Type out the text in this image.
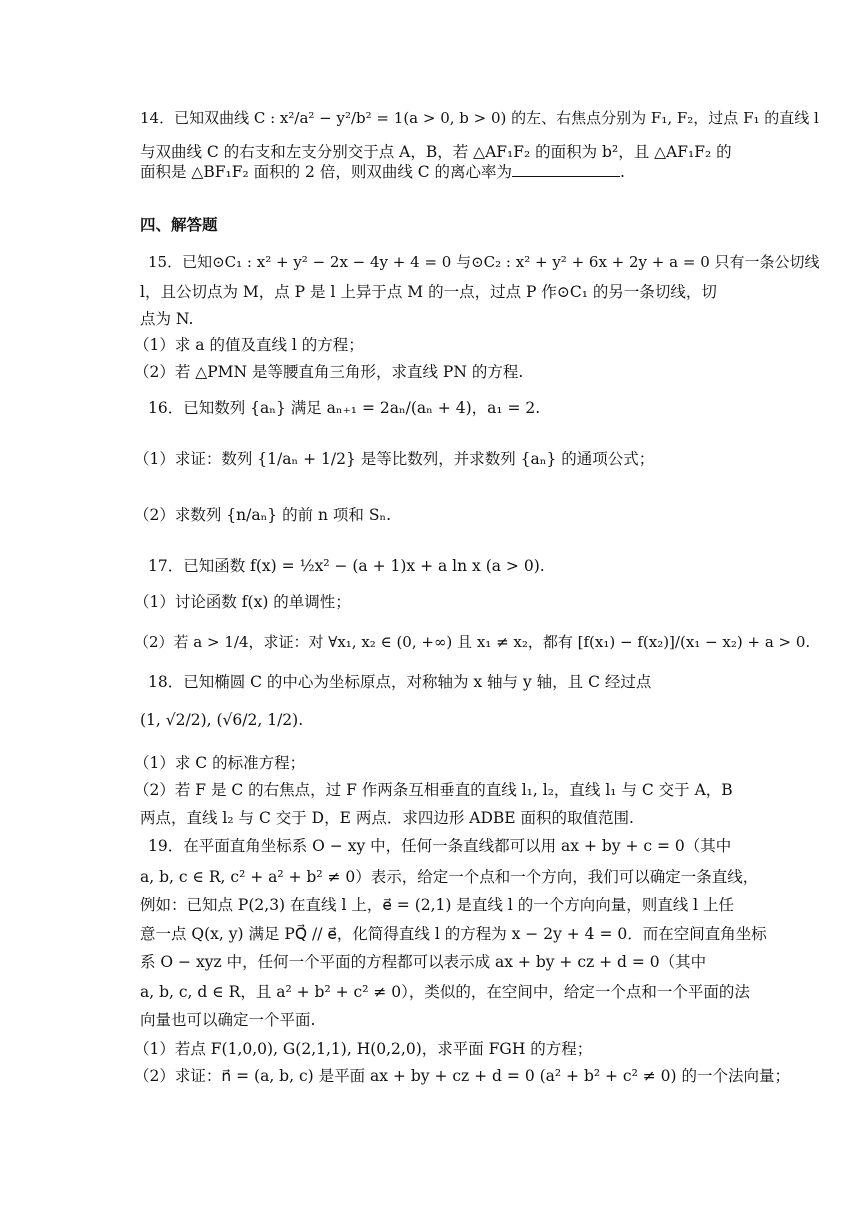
14．已知双曲线 C : x²/a² − y²/b² = 1(a > 0, b > 0) 的左、右焦点分别为 F₁, F₂，过点 F₁ 的直线 l
与双曲线 C 的右支和左支分别交于点 A，B，若 △AF₁F₂ 的面积为 b²，且 △AF₁F₂ 的
面积是 △BF₁F₂ 面积的 2 倍，则双曲线 C 的离心率为	.
四、解答题
15．已知⊙C₁ : x² + y² − 2x − 4y + 4 = 0 与⊙C₂ : x² + y² + 6x + 2y + a = 0 只有一条公切线
l，且公切点为 M，点 P 是 l 上异于点 M 的一点，过点 P 作⊙C₁ 的另一条切线，切
点为 N.
（1）求 a 的值及直线 l 的方程；
（2）若 △PMN 是等腰直角三角形，求直线 PN 的方程.
16．已知数列 {aₙ} 满足 aₙ₊₁ = 2aₙ/(aₙ + 4)，a₁ = 2.
（1）求证：数列 {1/aₙ + 1/2} 是等比数列，并求数列 {aₙ} 的通项公式；
（2）求数列 {n/aₙ} 的前 n 项和 Sₙ.
17．已知函数 f(x) = ½x² − (a + 1)x + a ln x (a > 0).
（1）讨论函数 f(x) 的单调性；
（2）若 a > 1/4，求证：对 ∀x₁, x₂ ∈ (0, +∞) 且 x₁ ≠ x₂，都有 [f(x₁) − f(x₂)]/(x₁ − x₂) + a > 0.
18．已知椭圆 C 的中心为坐标原点，对称轴为 x 轴与 y 轴，且 C 经过点
(1, √2/2), (√6/2, 1/2).
（1）求 C 的标准方程；
（2）若 F 是 C 的右焦点，过 F 作两条互相垂直的直线 l₁, l₂，直线 l₁ 与 C 交于 A，B
两点，直线 l₂ 与 C 交于 D，E 两点．求四边形 ADBE 面积的取值范围.
19．在平面直角坐标系 O − xy 中，任何一条直线都可以用 ax + by + c = 0（其中
a, b, c ∈ R, c² + a² + b² ≠ 0）表示，给定一个点和一个方向，我们可以确定一条直线，
例如：已知点 P(2,3) 在直线 l 上，e⃗ = (2,1) 是直线 l 的一个方向向量，则直线 l 上任
意一点 Q(x, y) 满足 PQ⃗ // e⃗，化简得直线 l 的方程为 x − 2y + 4 = 0．而在空间直角坐标
系 O − xyz 中，任何一个平面的方程都可以表示成 ax + by + cz + d = 0（其中
a, b, c, d ∈ R，且 a² + b² + c² ≠ 0），类似的，在空间中，给定一个点和一个平面的法
向量也可以确定一个平面.
（1）若点 F(1,0,0), G(2,1,1), H(0,2,0)，求平面 FGH 的方程；
（2）求证：n⃗ = (a, b, c) 是平面 ax + by + cz + d = 0 (a² + b² + c² ≠ 0) 的一个法向量；
